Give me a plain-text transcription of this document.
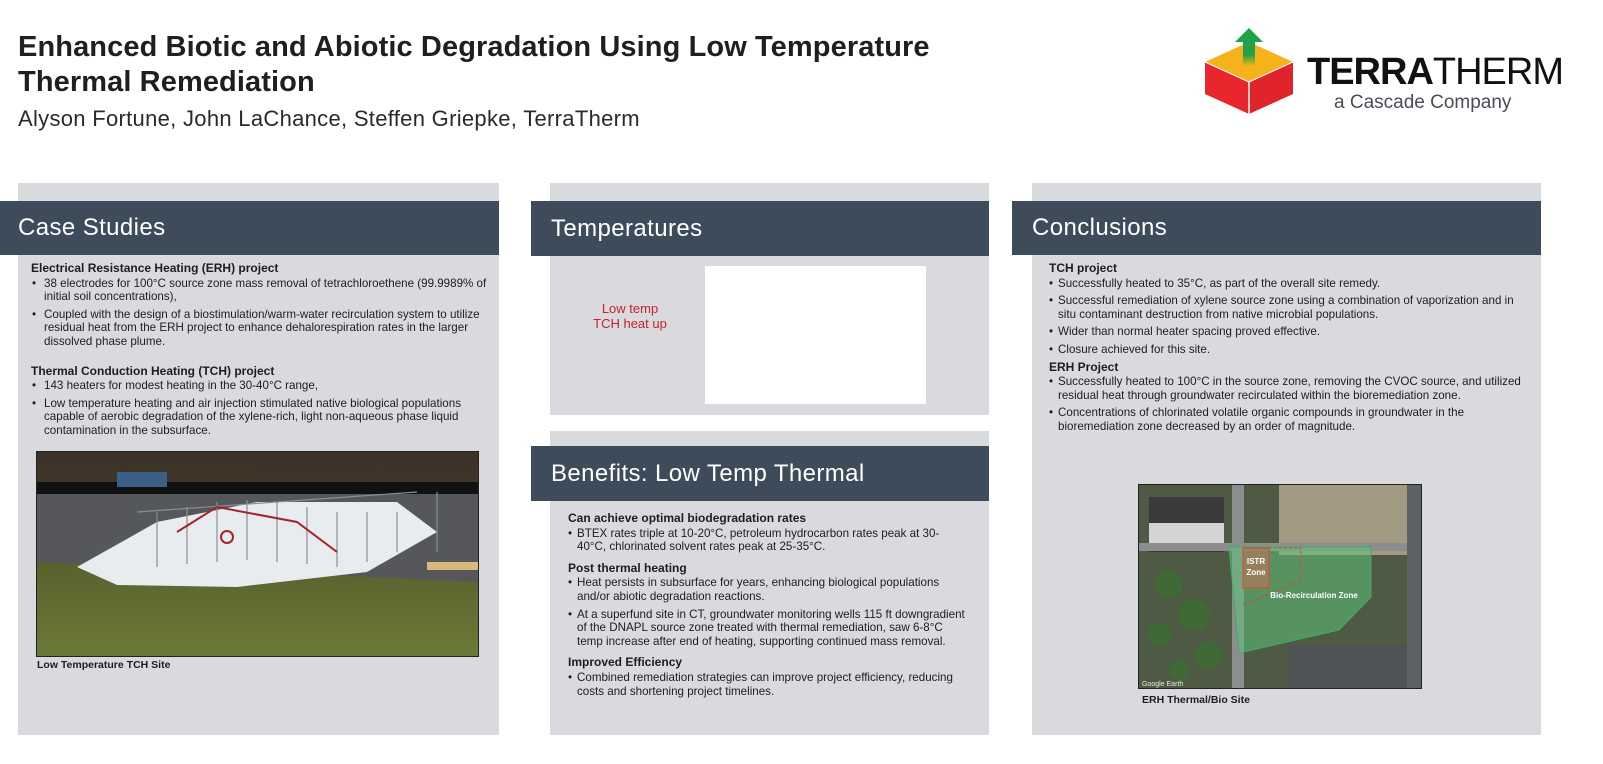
Enhanced Biotic and Abiotic Degradation Using Low Temperature
Thermal Remediation
Alyson Fortune, John LaChance, Steffen Griepke, TerraTherm
TERRATHERM
a Cascade Company
Case Studies
Electrical Resistance Heating (ERH) project
• 38 electrodes for 100°C source zone mass removal of tetrachloroethene (99.9989% of initial soil concentrations),
• Coupled with the design of a biostimulation/warm-water recirculation system to utilize residual heat from the ERH project to enhance dehalorespiration rates in the larger dissolved phase plume.
Thermal Conduction Heating (TCH) project
• 143 heaters for modest heating in the 30-40°C range,
• Low temperature heating and air injection stimulated native biological populations capable of aerobic degradation of the xylene-rich, light non-aqueous phase liquid contamination in the subsurface.
Low Temperature TCH Site
Temperatures
Low temp
TCH heat up
Benefits: Low Temp Thermal
Can achieve optimal biodegradation rates
• BTEX rates triple at 10-20°C, petroleum hydrocarbon rates peak at 30-40°C, chlorinated solvent rates peak at 25-35°C.
Post thermal heating
• Heat persists in subsurface for years, enhancing biological populations and/or abiotic degradation reactions.
• At a superfund site in CT, groundwater monitoring wells 115 ft downgradient of the DNAPL source zone treated with thermal remediation, saw 6-8°C temp increase after end of heating, supporting continued mass removal.
Improved Efficiency
• Combined remediation strategies can improve project efficiency, reducing costs and shortening project timelines.
Conclusions
TCH project
• Successfully heated to 35°C, as part of the overall site remedy.
• Successful remediation of xylene source zone using a combination of vaporization and in situ contaminant destruction from native microbial populations.
• Wider than normal heater spacing proved effective.
• Closure achieved for this site.
ERH Project
• Successfully heated to 100°C in the source zone, removing the CVOC source, and utilized residual heat through groundwater recirculated within the bioremediation zone.
• Concentrations of chlorinated volatile organic compounds in groundwater in the bioremediation zone decreased by an order of magnitude.
ISTR
Zone
Bio-Recirculation Zone
Google Earth
ERH Thermal/Bio Site
